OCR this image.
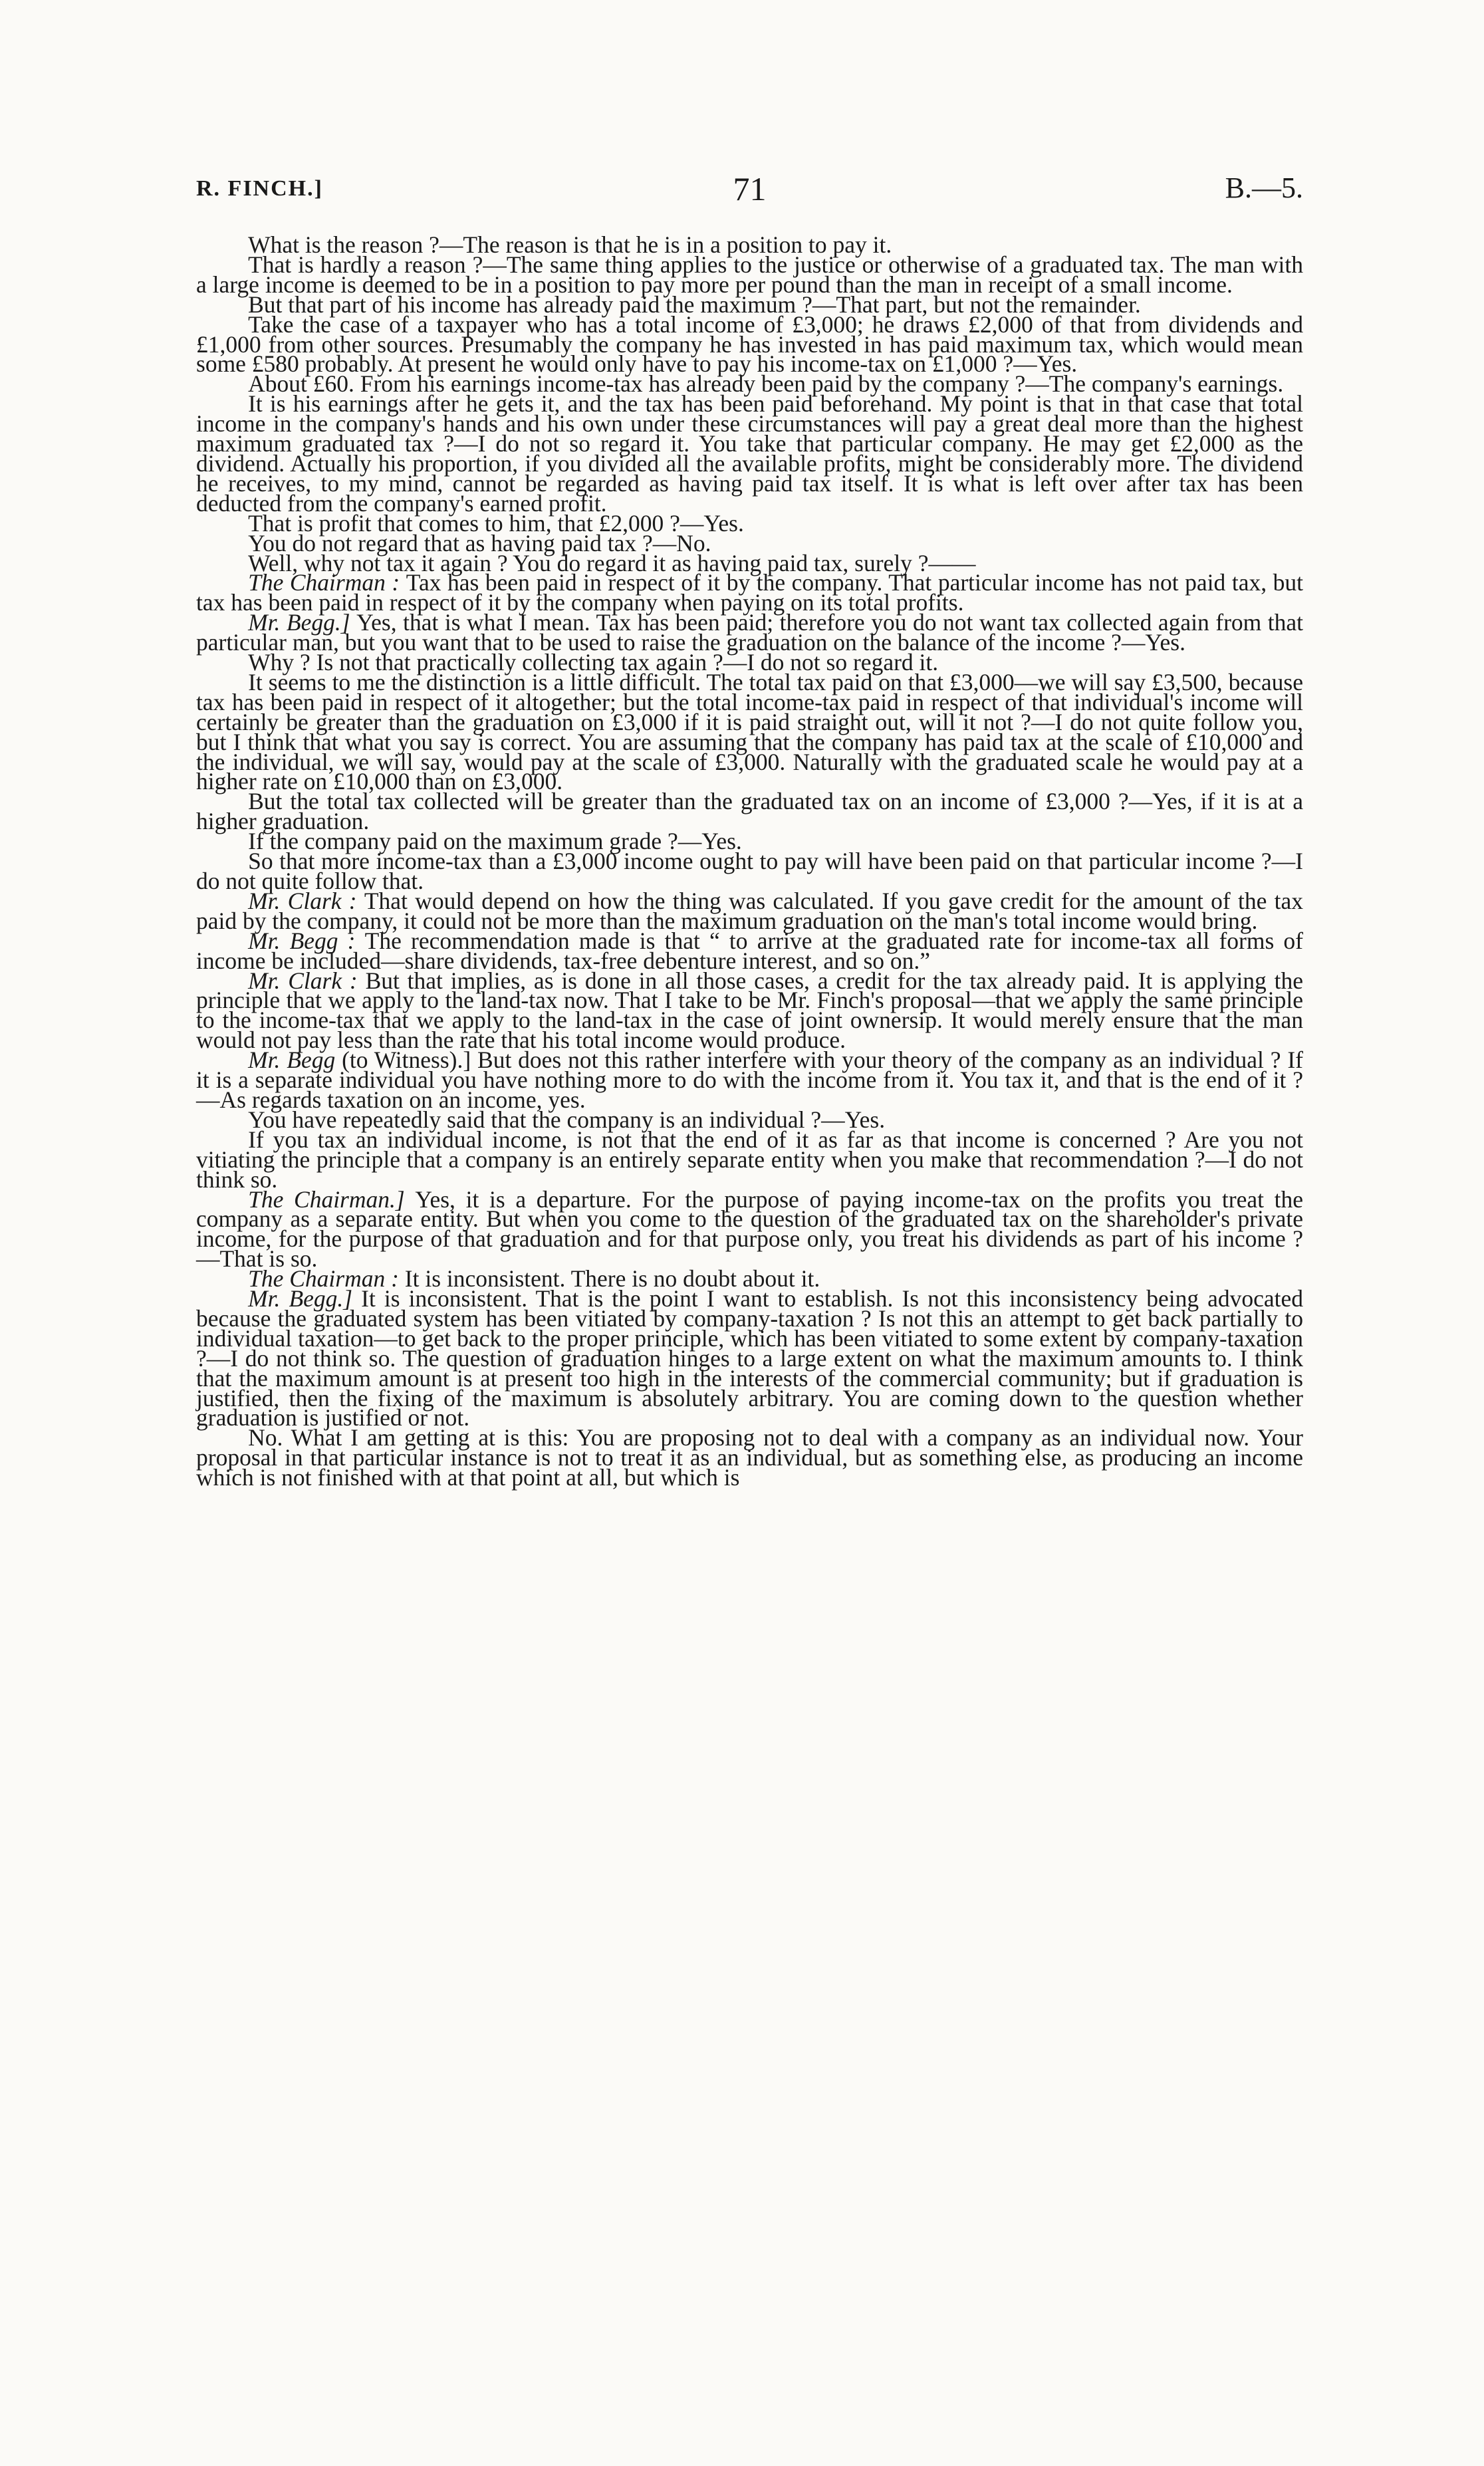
R. FINCH.]	71	B.—5.

What is the reason ?—The reason is that he is in a position to pay it.

That is hardly a reason ?—The same thing applies to the justice or otherwise of a graduated tax. The man with a large income is deemed to be in a position to pay more per pound than the man in receipt of a small income.

But that part of his income has already paid the maximum ?—That part, but not the remainder.

Take the case of a taxpayer who has a total income of £3,000; he draws £2,000 of that from dividends and £1,000 from other sources. Presumably the company he has invested in has paid maximum tax, which would mean some £580 probably. At present he would only have to pay his income-tax on £1,000 ?—Yes.

About £60. From his earnings income-tax has already been paid by the company ?—The company's earnings.

It is his earnings after he gets it, and the tax has been paid beforehand. My point is that in that case that total income in the company's hands and his own under these circumstances will pay a great deal more than the highest maximum graduated tax ?—I do not so regard it. You take that particular company. He may get £2,000 as the dividend. Actually his proportion, if you divided all the available profits, might be considerably more. The dividend he receives, to my mind, cannot be regarded as having paid tax itself. It is what is left over after tax has been deducted from the company's earned profit.

That is profit that comes to him, that £2,000 ?—Yes.

You do not regard that as having paid tax ?—No.

Well, why not tax it again ? You do regard it as having paid tax, surely ?——

The Chairman : Tax has been paid in respect of it by the company. That particular income has not paid tax, but tax has been paid in respect of it by the company when paying on its total profits.

Mr. Begg.] Yes, that is what I mean. Tax has been paid; therefore you do not want tax collected again from that particular man, but you want that to be used to raise the graduation on the balance of the income ?—Yes.

Why ? Is not that practically collecting tax again ?—I do not so regard it.

It seems to me the distinction is a little difficult. The total tax paid on that £3,000—we will say £3,500, because tax has been paid in respect of it altogether; but the total income-tax paid in respect of that individual's income will certainly be greater than the graduation on £3,000 if it is paid straight out, will it not ?—I do not quite follow you, but I think that what you say is correct. You are assuming that the company has paid tax at the scale of £10,000 and the individual, we will say, would pay at the scale of £3,000. Naturally with the graduated scale he would pay at a higher rate on £10,000 than on £3,000.

But the total tax collected will be greater than the graduated tax on an income of £3,000 ?—Yes, if it is at a higher graduation.

If the company paid on the maximum grade ?—Yes.

So that more income-tax than a £3,000 income ought to pay will have been paid on that particular income ?—I do not quite follow that.

Mr. Clark : That would depend on how the thing was calculated. If you gave credit for the amount of the tax paid by the company, it could not be more than the maximum graduation on the man's total income would bring.

Mr. Begg : The recommendation made is that “ to arrive at the graduated rate for income-tax all forms of income be included—share dividends, tax-free debenture interest, and so on.”

Mr. Clark : But that implies, as is done in all those cases, a credit for the tax already paid. It is applying the principle that we apply to the land-tax now. That I take to be Mr. Finch's proposal—that we apply the same principle to the income-tax that we apply to the land-tax in the case of joint ownersip. It would merely ensure that the man would not pay less than the rate that his total income would produce.

Mr. Begg (to Witness).] But does not this rather interfere with your theory of the company as an individual ? If it is a separate individual you have nothing more to do with the income from it. You tax it, and that is the end of it ?—As regards taxation on an income, yes.

You have repeatedly said that the company is an individual ?—Yes.

If you tax an individual income, is not that the end of it as far as that income is concerned ? Are you not vitiating the principle that a company is an entirely separate entity when you make that recommendation ?—I do not think so.

The Chairman.] Yes, it is a departure. For the purpose of paying income-tax on the profits you treat the company as a separate entity. But when you come to the question of the graduated tax on the shareholder's private income, for the purpose of that graduation and for that purpose only, you treat his dividends as part of his income ?—That is so.

The Chairman : It is inconsistent. There is no doubt about it.

Mr. Begg.] It is inconsistent. That is the point I want to establish. Is not this inconsistency being advocated because the graduated system has been vitiated by company-taxation ? Is not this an attempt to get back partially to individual taxation—to get back to the proper principle, which has been vitiated to some extent by company-taxation ?—I do not think so. The question of graduation hinges to a large extent on what the maximum amounts to. I think that the maximum amount is at present too high in the interests of the commercial community; but if graduation is justified, then the fixing of the maximum is absolutely arbitrary. You are coming down to the question whether graduation is justified or not.

No. What I am getting at is this: You are proposing not to deal with a company as an individual now. Your proposal in that particular instance is not to treat it as an individual, but as something else, as producing an income which is not finished with at that point at all, but which is
